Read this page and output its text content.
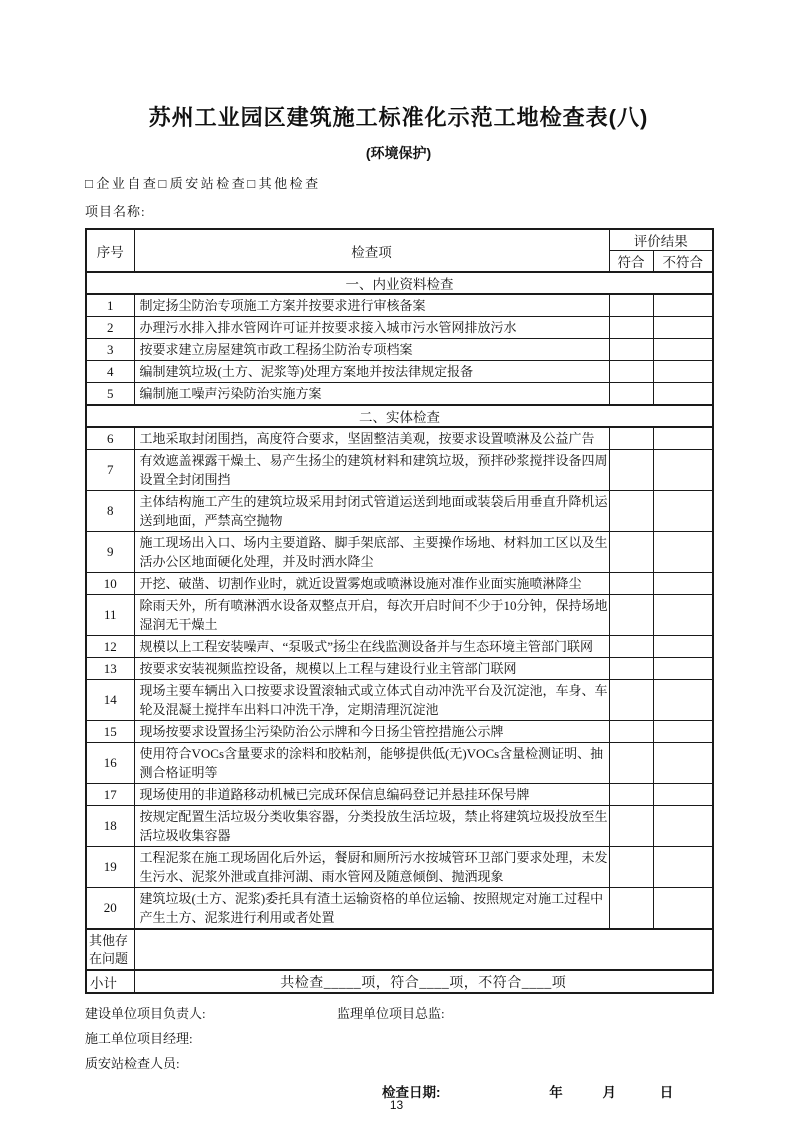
苏州工业园区建筑施工标准化示范工地检查表(八)
(环境保护)
□企业自查□质安站检查□其他检查
项目名称:
序号	检查项	评价结果	
		符合	不符合
一、内业资料检查			
1	制定扬尘防治专项施工方案并按要求进行审核备案		
2	办理污水排入排水管网许可证并按要求接入城市污水管网排放污水		
3	按要求建立房屋建筑市政工程扬尘防治专项档案		
4	编制建筑垃圾(土方、泥浆等)处理方案地并按法律规定报备		
5	编制施工噪声污染防治实施方案		
二、实体检查			
6	工地采取封闭围挡，高度符合要求，坚固整洁美观，按要求设置喷淋及公益广告		
7	有效遮盖裸露干燥土、易产生扬尘的建筑材料和建筑垃圾，预拌砂浆搅拌设备四周设置全封闭围挡		
8	主体结构施工产生的建筑垃圾采用封闭式管道运送到地面或装袋后用垂直升降机运送到地面，严禁高空抛物		
9	施工现场出入口、场内主要道路、脚手架底部、主要操作场地、材料加工区以及生活办公区地面硬化处理，并及时洒水降尘		
10	开挖、破凿、切割作业时，就近设置雾炮或喷淋设施对准作业面实施喷淋降尘		
11	除雨天外，所有喷淋洒水设备双整点开启，每次开启时间不少于10分钟，保持场地湿润无干燥土		
12	规模以上工程安装噪声、“泵吸式”扬尘在线监测设备并与生态环境主管部门联网		
13	按要求安装视频监控设备，规模以上工程与建设行业主管部门联网		
14	现场主要车辆出入口按要求设置滚轴式或立体式自动冲洗平台及沉淀池，车身、车轮及混凝土搅拌车出料口冲洗干净，定期清理沉淀池		
15	现场按要求设置扬尘污染防治公示牌和今日扬尘管控措施公示牌		
16	使用符合VOCs含量要求的涂料和胶粘剂，能够提供低(无)VOCs含量检测证明、抽测合格证明等		
17	现场使用的非道路移动机械已完成环保信息编码登记并悬挂环保号牌		
18	按规定配置生活垃圾分类收集容器，分类投放生活垃圾，禁止将建筑垃圾投放至生活垃圾收集容器		
19	工程泥浆在施工现场固化后外运，餐厨和厕所污水按城管环卫部门要求处理，未发生污水、泥浆外泄或直排河湖、雨水管网及随意倾倒、抛洒现象		
20	建筑垃圾(土方、泥浆)委托具有渣土运输资格的单位运输、按照规定对施工过程中产生土方、泥浆进行利用或者处置		
其他存在问题			
小计	共检查_____项，符合____项，不符合____项		
建设单位项目负责人:	监理单位项目总监:
施工单位项目经理:
质安站检查人员:
检查日期:	年	月	日
13
